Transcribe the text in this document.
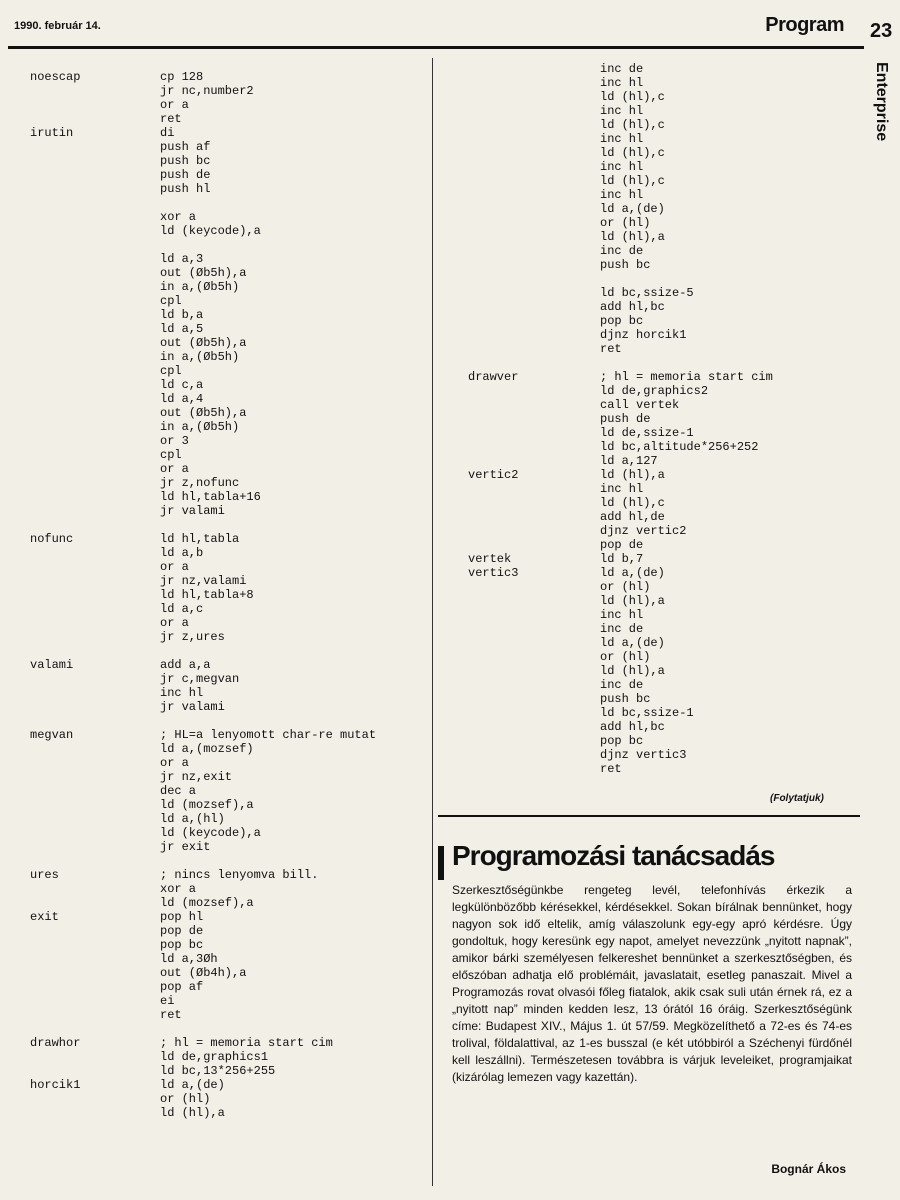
1990. február 14.	Program 23
Enterprise
noescap	cp 128
jr nc,number2
or a
ret
irutin	di
push af
push bc
push de
push hl
xor a
ld (keycode),a
ld a,3
out (Øb5h),a
in a,(Øb5h)
cpl
ld b,a
ld a,5
out (Øb5h),a
in a,(Øb5h)
cpl
ld c,a
ld a,4
out (Øb5h),a
in a,(Øb5h)
or 3
cpl
or a
jr z,nofunc
ld hl,tabla+16
jr valami
nofunc	ld hl,tabla
ld a,b
or a
jr nz,valami
ld hl,tabla+8
ld a,c
or a
jr z,ures
valami	add a,a
jr c,megvan
inc hl
jr valami
megvan	; HL=a lenyomott char-re mutat
ld a,(mozsef)
or a
jr nz,exit
dec a
ld (mozsef),a
ld a,(hl)
ld (keycode),a
jr exit
ures	; nincs lenyomva bill.
xor a
ld (mozsef),a
exit	pop hl
pop de
pop bc
ld a,3Øh
out (Øb4h),a
pop af
ei
ret
drawhor	; hl = memoria start cim
ld de,graphics1
ld bc,13*256+255
horcik1	ld a,(de)
or (hl)
ld (hl),a
inc de
inc hl
ld (hl),c
inc hl
ld (hl),c
inc hl
ld (hl),c
inc hl
ld (hl),c
inc hl
ld a,(de)
or (hl)
ld (hl),a
inc de
push bc
ld bc,ssize-5
add hl,bc
pop bc
djnz horcik1
ret
drawver	; hl = memoria start cim
ld de,graphics2
call vertek
push de
ld de,ssize-1
ld bc,altitude*256+252
ld a,127
vertic2	ld (hl),a
inc hl
ld (hl),c
add hl,de
djnz vertic2
pop de
vertek	ld b,7
vertic3	ld a,(de)
or (hl)
ld (hl),a
inc hl
inc de
ld a,(de)
or (hl)
ld (hl),a
inc de
push bc
ld bc,ssize-1
add hl,bc
pop bc
djnz vertic3
ret
(Folytatjuk)
Programozási tanácsadás
Szerkesztőségünkbe rengeteg levél, telefonhívás érkezik a legkülönbözőbb kérésekkel, kérdésekkel. Sokan bírálnak bennünket, hogy nagyon sok idő eltelik, amíg válaszolunk egy-egy apró kérdésre. Úgy gondoltuk, hogy keresünk egy napot, amelyet nevezzünk „nyitott napnak”, amikor bárki személyesen felkereshet bennünket a szerkesztőségben, és előszóban adhatja elő problémáit, javaslatait, esetleg panaszait. Mivel a Programozás rovat olvasói főleg fiatalok, akik csak suli után érnek rá, ez a „nyitott nap” minden kedden lesz, 13 órától 16 óráig. Szerkesztőségünk címe: Budapest XIV., Május 1. út 57/59. Megközelíthető a 72-es és 74-es trolival, földalattival, az 1-es busszal (e két utóbbiról a Széchenyi fürdőnél kell leszállni). Természetesen továbbra is várjuk leveleiket, programjaikat (kizárólag lemezen vagy kazettán).
Bognár Ákos
